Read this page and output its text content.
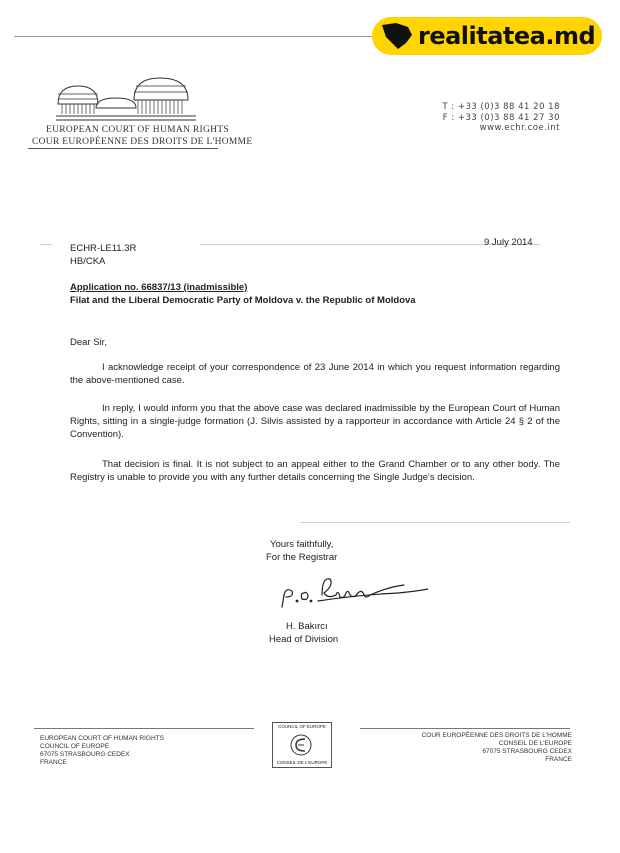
realitatea.md
EUROPEAN COURT OF HUMAN RIGHTS
COUR EUROPÉENNE DES DROITS DE L'HOMME
T : +33 (0)3 88 41 20 18
F : +33 (0)3 88 41 27 30
www.echr.coe.int
ECHR-LE11.3R
HB/CKA
9 July 2014
Application no. 66837/13 (inadmissible)
Filat and the Liberal Democratic Party of Moldova v. the Republic of Moldova
Dear Sir,
I acknowledge receipt of your correspondence of 23 June 2014 in which you request information regarding the above-mentioned case.
In reply, I would inform you that the above case was declared inadmissible by the European Court of Human Rights, sitting in a single-judge formation (J. Silvis assisted by a rapporteur in accordance with Article 24 § 2 of the Convention).
That decision is final. It is not subject to an appeal either to the Grand Chamber or to any other body. The Registry is unable to provide you with any further details concerning the Single Judge's decision.
Yours faithfully,
For the Registrar
H. Bakırcı
Head of Division
EUROPEAN COURT OF HUMAN RIGHTS
COUNCIL OF EUROPE
67075 STRASBOURG CEDEX
FRANCE
COUR EUROPÉENNE DES DROITS DE L'HOMME
CONSEIL DE L'EUROPE
67075 STRASBOURG CEDEX
FRANCE
COUNCIL OF EUROPE
CONSEIL DE L'EUROPE
